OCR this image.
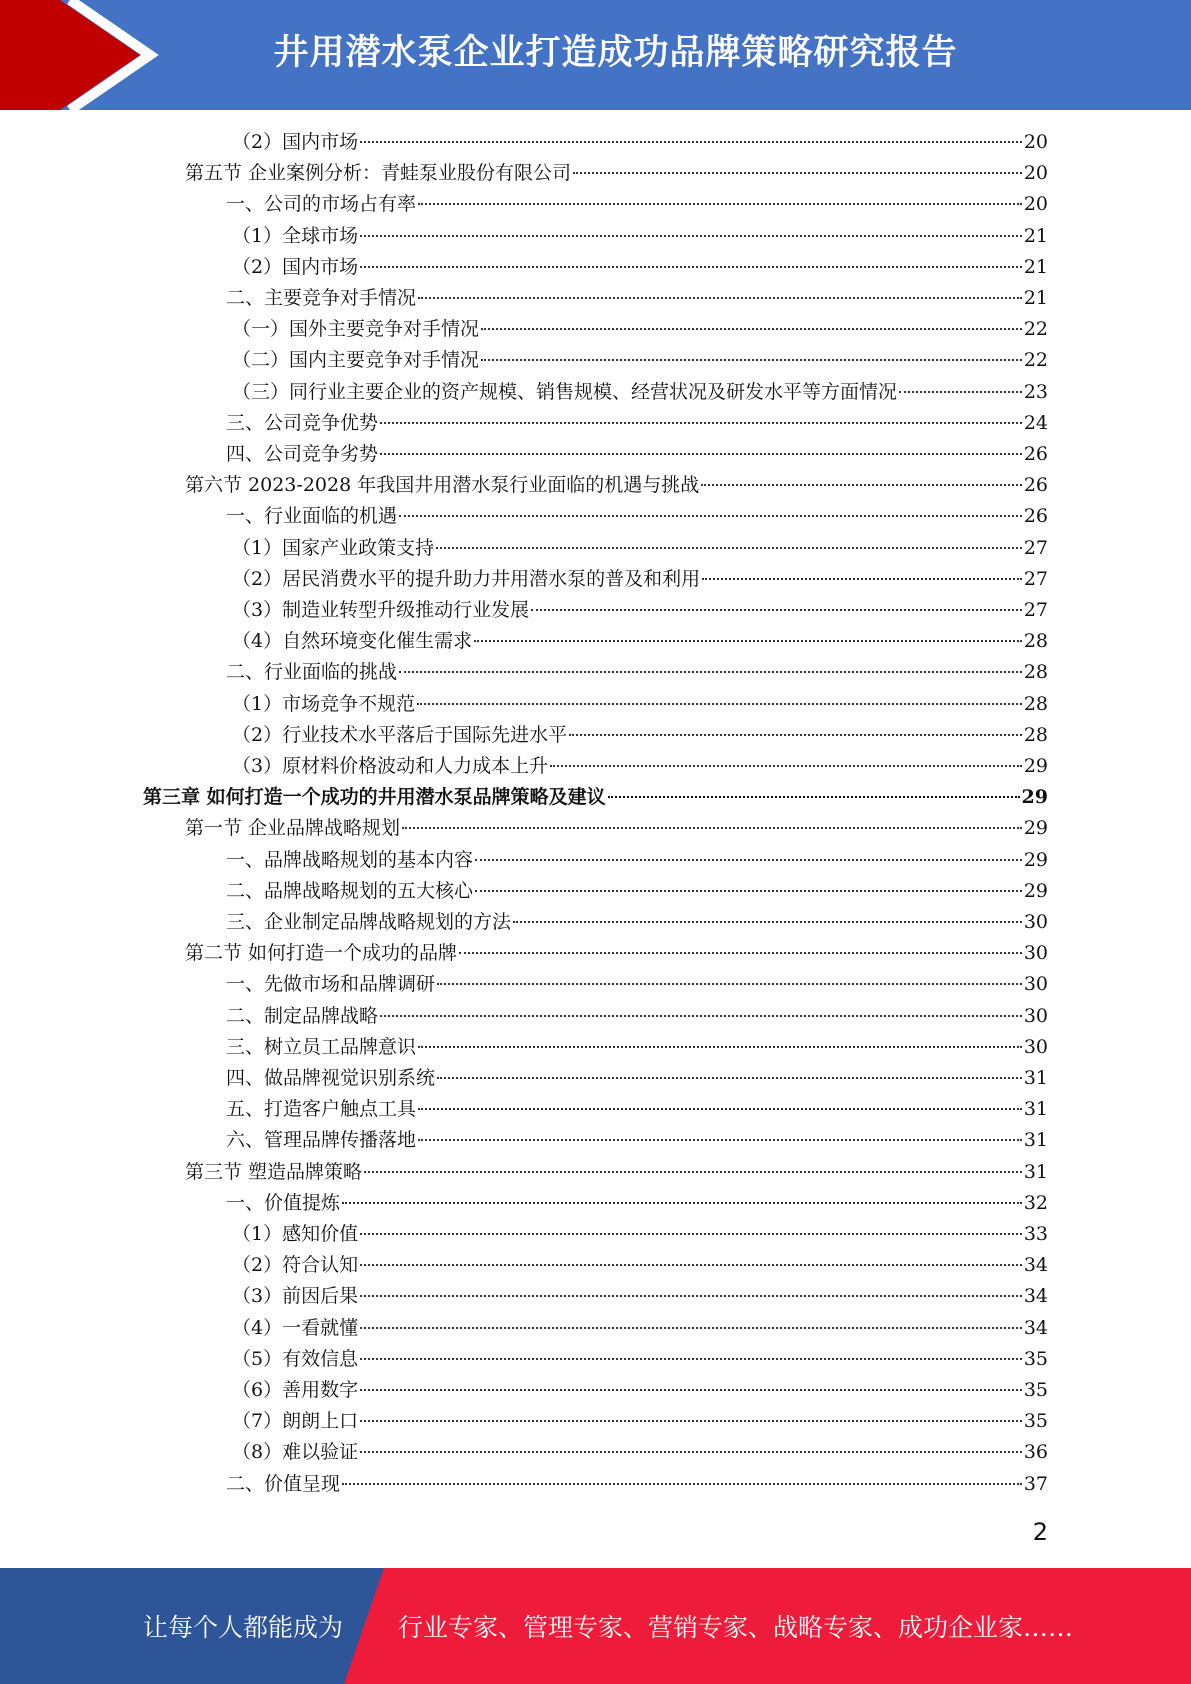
井用潜水泵企业打造成功品牌策略研究报告
（2）国内市场	20
第五节 企业案例分析：青蛙泵业股份有限公司	20
一、公司的市场占有率	20
（1）全球市场	21
（2）国内市场	21
二、主要竞争对手情况	21
（一）国外主要竞争对手情况	22
（二）国内主要竞争对手情况	22
（三）同行业主要企业的资产规模、销售规模、经营状况及研发水平等方面情况	23
三、公司竞争优势	24
四、公司竞争劣势	26
第六节 2023-2028 年我国井用潜水泵行业面临的机遇与挑战	26
一、行业面临的机遇	26
（1）国家产业政策支持	27
（2）居民消费水平的提升助力井用潜水泵的普及和利用	27
（3）制造业转型升级推动行业发展	27
（4）自然环境变化催生需求	28
二、行业面临的挑战	28
（1）市场竞争不规范	28
（2）行业技术水平落后于国际先进水平	28
（3）原材料价格波动和人力成本上升	29
第三章 如何打造一个成功的井用潜水泵品牌策略及建议	29
第一节 企业品牌战略规划	29
一、品牌战略规划的基本内容	29
二、品牌战略规划的五大核心	29
三、企业制定品牌战略规划的方法	30
第二节 如何打造一个成功的品牌	30
一、先做市场和品牌调研	30
二、制定品牌战略	30
三、树立员工品牌意识	30
四、做品牌视觉识别系统	31
五、打造客户触点工具	31
六、管理品牌传播落地	31
第三节 塑造品牌策略	31
一、价值提炼	32
（1）感知价值	33
（2）符合认知	34
（3）前因后果	34
（4）一看就懂	34
（5）有效信息	35
（6）善用数字	35
（7）朗朗上口	35
（8）难以验证	36
二、价值呈现	37
2
让每个人都能成为 行业专家、管理专家、营销专家、战略专家、成功企业家……
